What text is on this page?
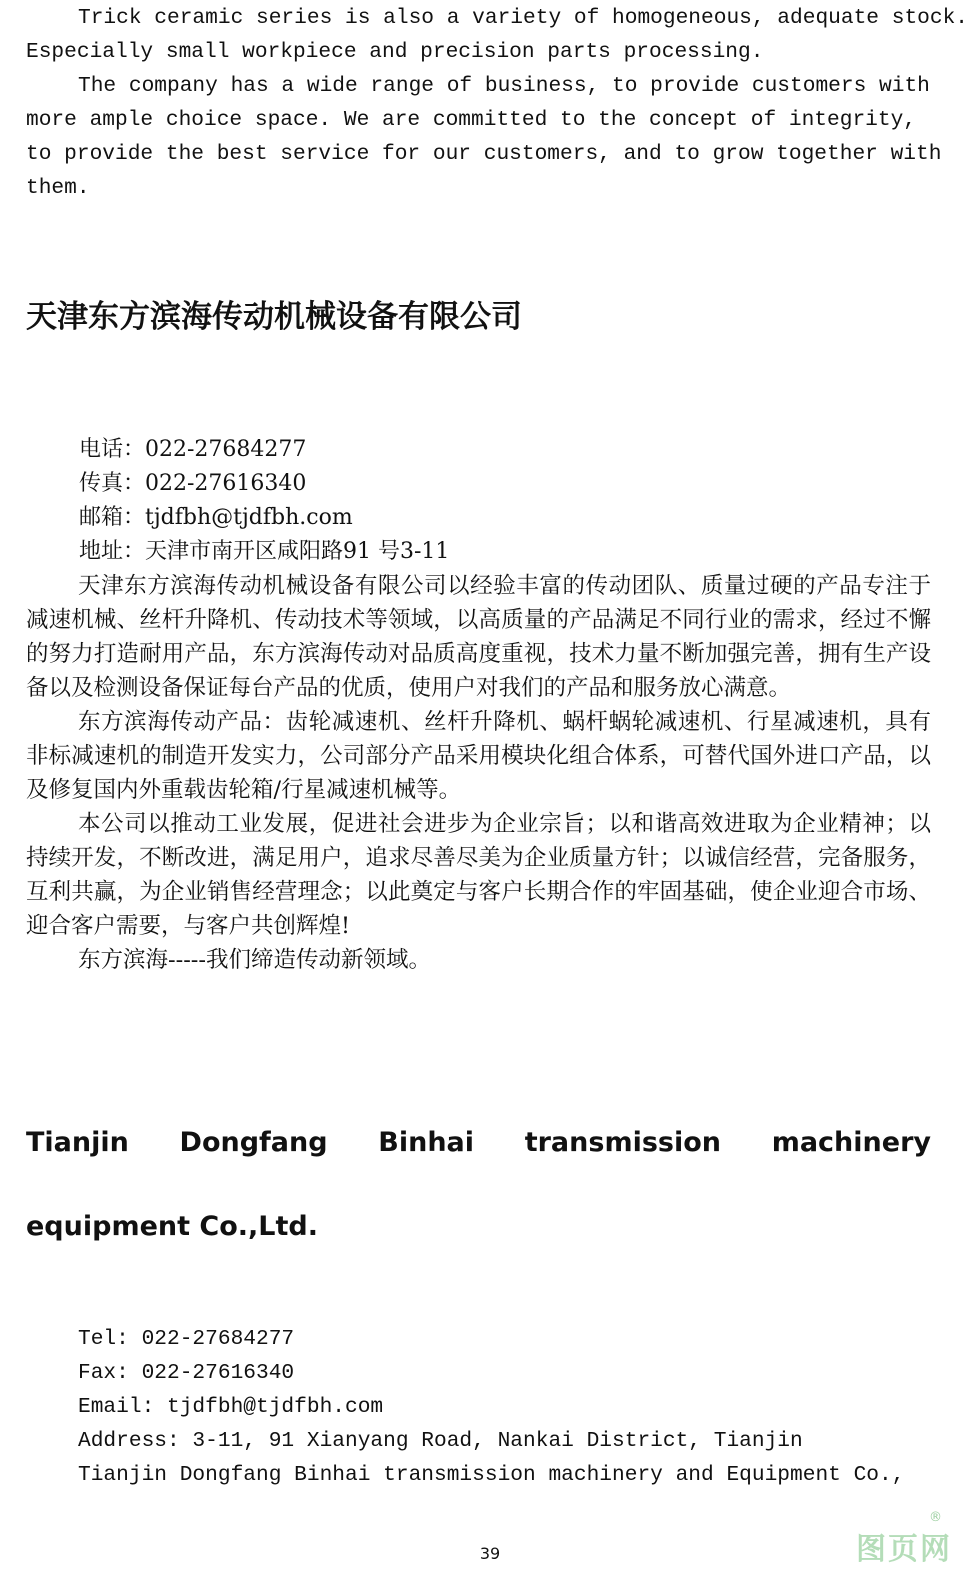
Trick ceramic series is also a variety of homogeneous, adequate stock.

Especially small workpiece and precision parts processing.

The company has a wide range of business, to provide customers with

more ample choice space. We are committed to the concept of integrity,

to provide the best service for our customers, and to grow together with

them.

天津东方滨海传动机械设备有限公司
电话：022-27684277
传真：022-27616340
邮箱：tjdfbh@tjdfbh.com
地址：天津市南开区咸阳路91 号3-11

天津东方滨海传动机械设备有限公司以经验丰富的传动团队、质量过硬的产品专注于减速机械、丝杆升降机、传动技术等领域，以高质量的产品满足不同行业的需求，经过不懈的努力打造耐用产品，东方滨海传动对品质高度重视，技术力量不断加强完善，拥有生产设备以及检测设备保证每台产品的优质，使用户对我们的产品和服务放心满意。

东方滨海传动产品：齿轮减速机、丝杆升降机、蜗杆蜗轮减速机、行星减速机，具有非标减速机的制造开发实力，公司部分产品采用模块化组合体系，可替代国外进口产品，以及修复国内外重载齿轮箱/行星减速机械等。

本公司以推动工业发展，促进社会进步为企业宗旨；以和谐高效进取为企业精神；以持续开发，不断改进，满足用户，追求尽善尽美为企业质量方针；以诚信经营，完备服务，互利共赢，为企业销售经营理念；以此奠定与客户长期合作的牢固基础，使企业迎合市场、迎合客户需要，与客户共创辉煌!

东方滨海-----我们缔造传动新领域。

Tianjin Dongfang Binhai transmission machinery equipment Co.,Ltd.
Tel: 022-27684277
Fax: 022-27616340
Email: tjdfbh@tjdfbh.com
Address: 3-11, 91 Xianyang Road, Nankai District, Tianjin
Tianjin Dongfang Binhai transmission machinery and Equipment Co.,
39	图页网
®
